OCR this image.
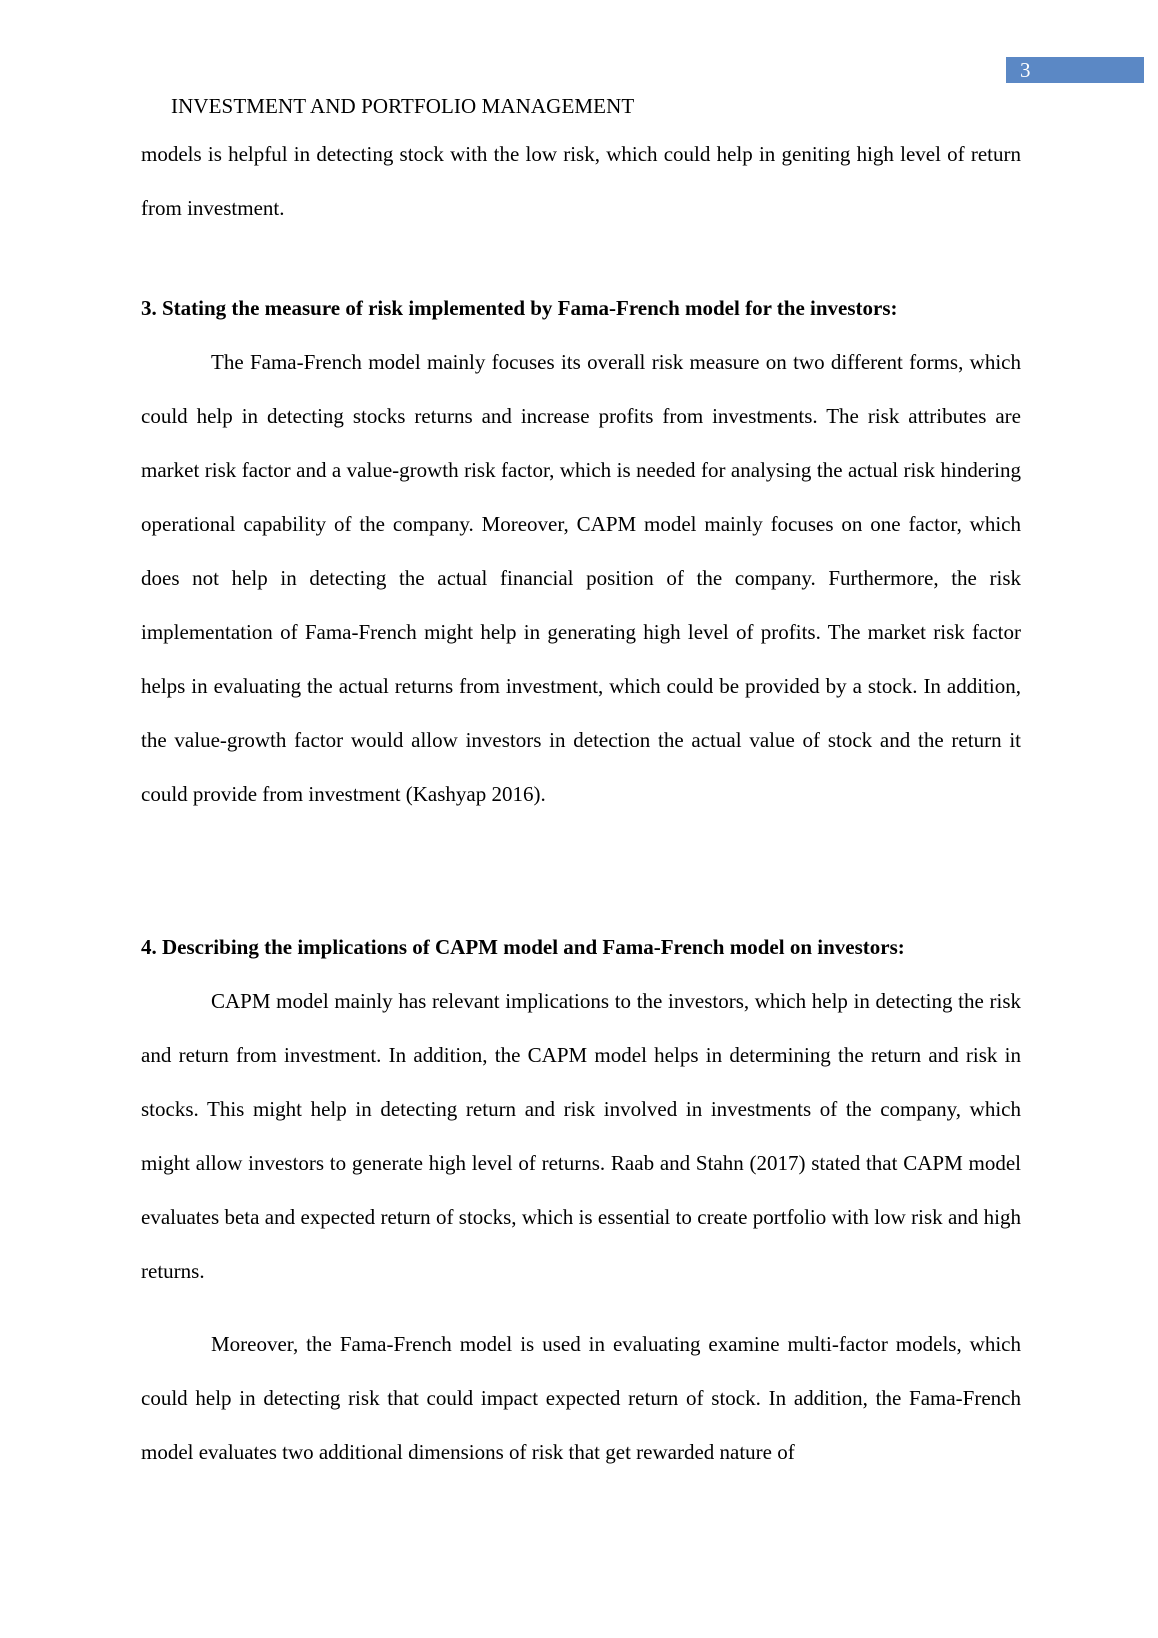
3
INVESTMENT AND PORTFOLIO MANAGEMENT

models is helpful in detecting stock with the low risk, which could help in geniting high level of return from investment.

3. Stating the measure of risk implemented by Fama-French model for the investors:

The Fama-French model mainly focuses its overall risk measure on two different forms, which could help in detecting stocks returns and increase profits from investments. The risk attributes are market risk factor and a value-growth risk factor, which is needed for analysing the actual risk hindering operational capability of the company. Moreover, CAPM model mainly focuses on one factor, which does not help in detecting the actual financial position of the company. Furthermore, the risk implementation of Fama-French might help in generating high level of profits. The market risk factor helps in evaluating the actual returns from investment, which could be provided by a stock. In addition, the value-growth factor would allow investors in detection the actual value of stock and the return it could provide from investment (Kashyap 2016).

4. Describing the implications of CAPM model and Fama-French model on investors:

CAPM model mainly has relevant implications to the investors, which help in detecting the risk and return from investment. In addition, the CAPM model helps in determining the return and risk in stocks. This might help in detecting return and risk involved in investments of the company, which might allow investors to generate high level of returns. Raab and Stahn (2017) stated that CAPM model evaluates beta and expected return of stocks, which is essential to create portfolio with low risk and high returns.

Moreover, the Fama-French model is used in evaluating examine multi-factor models, which could help in detecting risk that could impact expected return of stock. In addition, the Fama-French model evaluates two additional dimensions of risk that get rewarded nature of
